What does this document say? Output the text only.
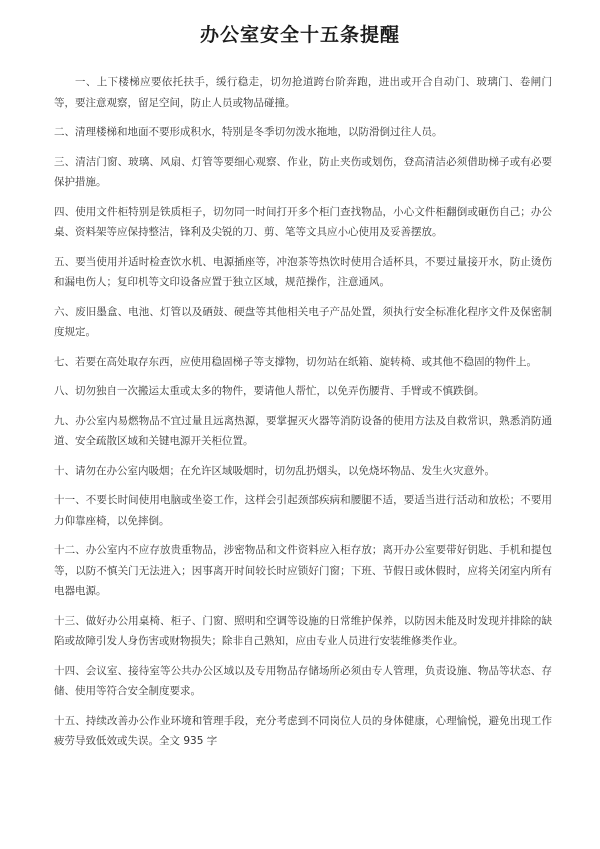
办公室安全十五条提醒

一、上下楼梯应要依托扶手，缓行稳走，切勿抢道跨台阶奔跑，进出或开合自动门、玻璃门、卷闸门等，要注意观察，留足空间，防止人员或物品碰撞。

二、清理楼梯和地面不要形成积水，特别是冬季切勿泼水拖地，以防滑倒过往人员。

三、清洁门窗、玻璃、风扇、灯管等要细心观察、作业，防止夹伤或划伤，登高清洁必须借助梯子或有必要保护措施。

四、使用文件柜特别是铁质柜子，切勿同一时间打开多个柜门查找物品，小心文件柜翻倒或砸伤自己；办公桌、资料架等应保持整洁，锋利及尖锐的刀、剪、笔等文具应小心使用及妥善摆放。

五、要当使用并适时检查饮水机、电源插座等，冲泡茶等热饮时使用合适杯具，不要过量接开水，防止烫伤和漏电伤人；复印机等文印设备应置于独立区域，规范操作，注意通风。

六、废旧墨盒、电池、灯管以及硒鼓、硬盘等其他相关电子产品处置，须执行安全标准化程序文件及保密制度规定。

七、若要在高处取存东西，应使用稳固梯子等支撑物，切勿站在纸箱、旋转椅、或其他不稳固的物件上。

八、切勿独自一次搬运太重或太多的物件，要请他人帮忙，以免弄伤腰背、手臂或不慎跌倒。

九、办公室内易燃物品不宜过量且远离热源，要掌握灭火器等消防设备的使用方法及自救常识，熟悉消防通道、安全疏散区域和关键电源开关柜位置。

十、请勿在办公室内吸烟；在允许区域吸烟时，切勿乱扔烟头，以免烧坏物品、发生火灾意外。

十一、不要长时间使用电脑或坐姿工作，这样会引起颈部疾病和腰腿不适，要适当进行活动和放松；不要用力仰靠座椅，以免摔倒。

十二、办公室内不应存放贵重物品，涉密物品和文件资料应入柜存放；离开办公室要带好钥匙、手机和提包等，以防不慎关门无法进入；因事离开时间较长时应锁好门窗；下班、节假日或休假时，应将关闭室内所有电器电源。

十三、做好办公用桌椅、柜子、门窗、照明和空调等设施的日常维护保养，以防因未能及时发现并排除的缺陷或故障引发人身伤害或财物损失；除非自己熟知，应由专业人员进行安装维修类作业。

十四、会议室、接待室等公共办公区域以及专用物品存储场所必须由专人管理，负责设施、物品等状态、存储、使用等符合安全制度要求。

十五、持续改善办公作业环境和管理手段，充分考虑到不同岗位人员的身体健康，心理愉悦，避免出现工作疲劳导致低效或失误。全文 935 字
